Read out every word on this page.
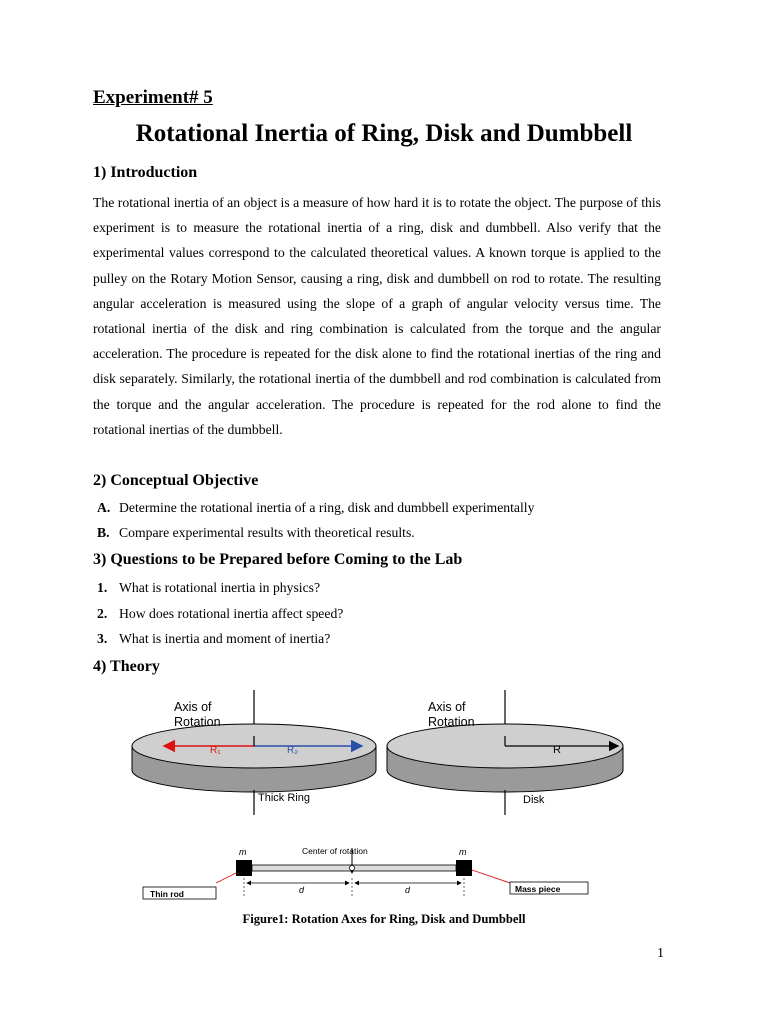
Experiment# 5
Rotational Inertia of Ring, Disk and Dumbbell
1) Introduction
The rotational inertia of an object is a measure of how hard it is to rotate the object. The purpose of this experiment is to measure the rotational inertia of a ring, disk and dumbbell. Also verify that the experimental values correspond to the calculated theoretical values. A known torque is applied to the pulley on the Rotary Motion Sensor, causing a ring, disk and dumbbell on rod to rotate. The resulting angular acceleration is measured using the slope of a graph of angular velocity versus time. The rotational inertia of the disk and ring combination is calculated from the torque and the angular acceleration. The procedure is repeated for the disk alone to find the rotational inertias of the ring and disk separately. Similarly, the rotational inertia of the dumbbell and rod combination is calculated from the torque and the angular acceleration. The procedure is repeated for the rod alone to find the rotational inertias of the dumbbell.
2) Conceptual Objective
A. Determine the rotational inertia of a ring, disk and dumbbell experimentally
B. Compare experimental results with theoretical results.
3) Questions to be Prepared before Coming to the Lab
1. What is rotational inertia in physics?
2. How does rotational inertia affect speed?
3. What is inertia and moment of inertia?
4) Theory
Axis of
Rotation
R₁	R₂
Thick Ring
Axis of
Rotation
R
Disk
m	m
Center of rotation
d	d
Thin rod	Mass piece
Figure1: Rotation Axes for Ring, Disk and Dumbbell
1
